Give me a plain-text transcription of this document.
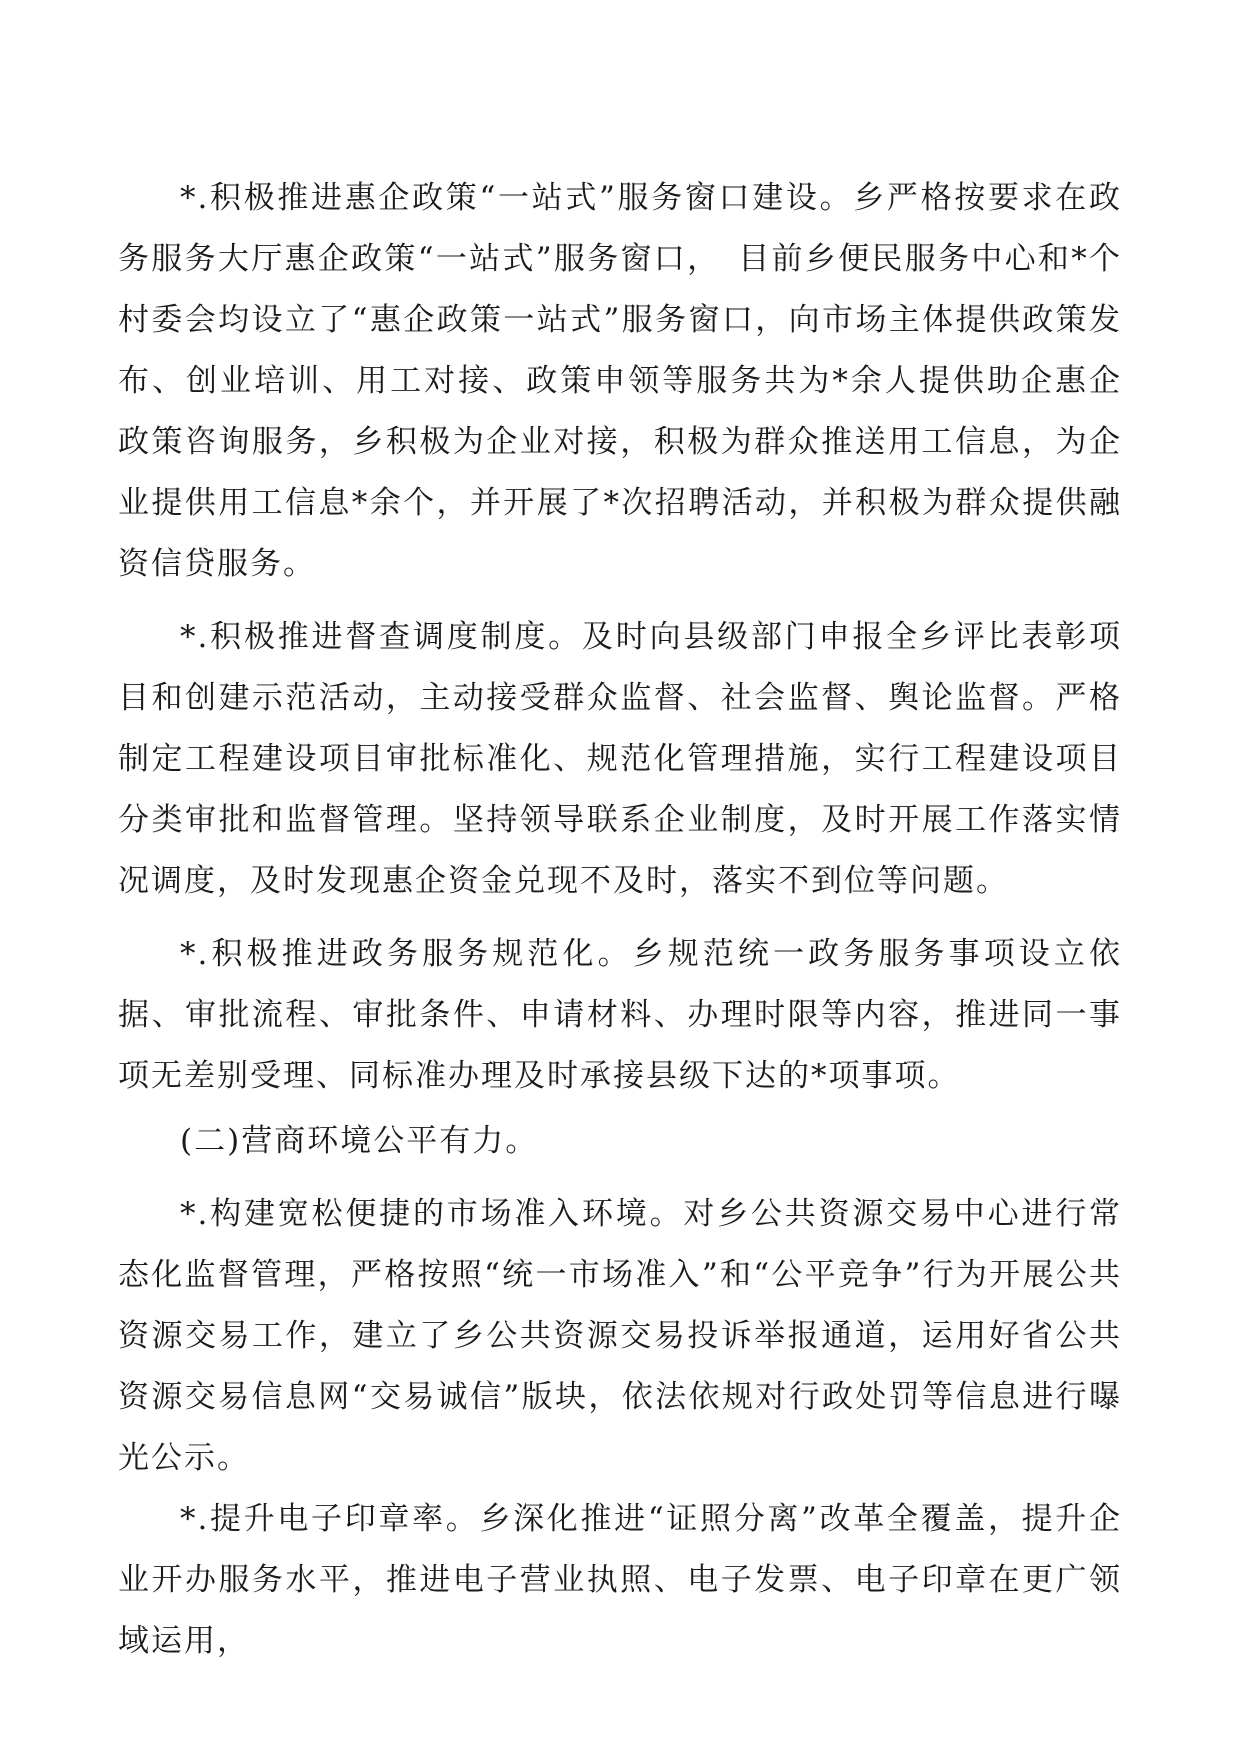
*.积极推进惠企政策“一站式”服务窗口建设。乡严格按要求在政务服务大厅惠企政策“一站式”服务窗口，　目前乡便民服务中心和*个村委会均设立了“惠企政策一站式”服务窗口，向市场主体提供政策发布、创业培训、用工对接、政策申领等服务共为*余人提供助企惠企政策咨询服务，乡积极为企业对接，积极为群众推送用工信息，为企业提供用工信息*余个，并开展了*次招聘活动，并积极为群众提供融资信贷服务。

*.积极推进督查调度制度。及时向县级部门申报全乡评比表彰项目和创建示范活动，主动接受群众监督、社会监督、舆论监督。严格制定工程建设项目审批标准化、规范化管理措施，实行工程建设项目分类审批和监督管理。坚持领导联系企业制度，及时开展工作落实情况调度，及时发现惠企资金兑现不及时，落实不到位等问题。

*.积极推进政务服务规范化。乡规范统一政务服务事项设立依据、审批流程、审批条件、申请材料、办理时限等内容，推进同一事项无差别受理、同标准办理及时承接县级下达的*项事项。

(二)营商环境公平有力。

*.构建宽松便捷的市场准入环境。对乡公共资源交易中心进行常态化监督管理，严格按照“统一市场准入”和“公平竞争”行为开展公共资源交易工作，建立了乡公共资源交易投诉举报通道，运用好省公共资源交易信息网“交易诚信”版块，依法依规对行政处罚等信息进行曝光公示。

*.提升电子印章率。乡深化推进“证照分离”改革全覆盖，提升企业开办服务水平，推进电子营业执照、电子发票、电子印章在更广领域运用，
